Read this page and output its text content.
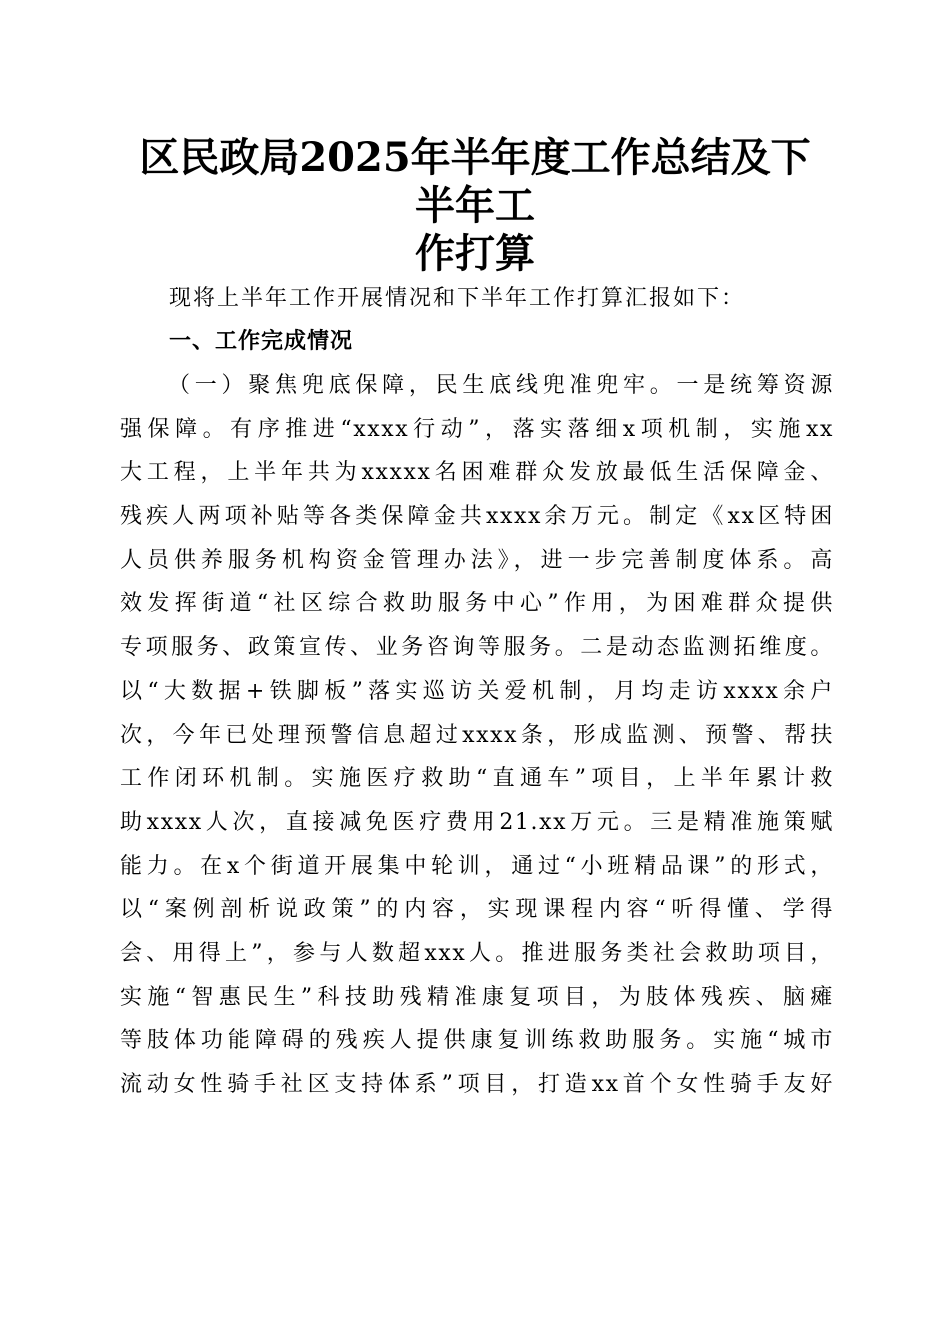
区民政局2025年半年度工作总结及下半年工
作打算

现将上半年工作开展情况和下半年工作打算汇报如下：

一、工作完成情况
（一）聚焦兜底保障，民生底线兜准兜牢。一是统筹资源
强保障。有序推进“xxxx行动”，落实落细x项机制，实施xx
大工程，上半年共为xxxxx名困难群众发放最低生活保障金、
残疾人两项补贴等各类保障金共xxxx余万元。制定《xx区特困
人员供养服务机构资金管理办法》，进一步完善制度体系。高
效发挥街道“社区综合救助服务中心”作用，为困难群众提供
专项服务、政策宣传、业务咨询等服务。二是动态监测拓维度。
以“大数据+铁脚板”落实巡访关爱机制，月均走访xxxx余户
次，今年已处理预警信息超过xxxx条，形成监测、预警、帮扶
工作闭环机制。实施医疗救助“直通车”项目，上半年累计救
助xxxx人次，直接减免医疗费用21.xx万元。三是精准施策赋
能力。在x个街道开展集中轮训，通过“小班精品课”的形式，
以“案例剖析说政策”的内容，实现课程内容“听得懂、学得
会、用得上”，参与人数超xxx人。推进服务类社会救助项目，
实施“智惠民生”科技助残精准康复项目，为肢体残疾、脑瘫
等肢体功能障碍的残疾人提供康复训练救助服务。实施“城市
流动女性骑手社区支持体系”项目，打造xx首个女性骑手友好
